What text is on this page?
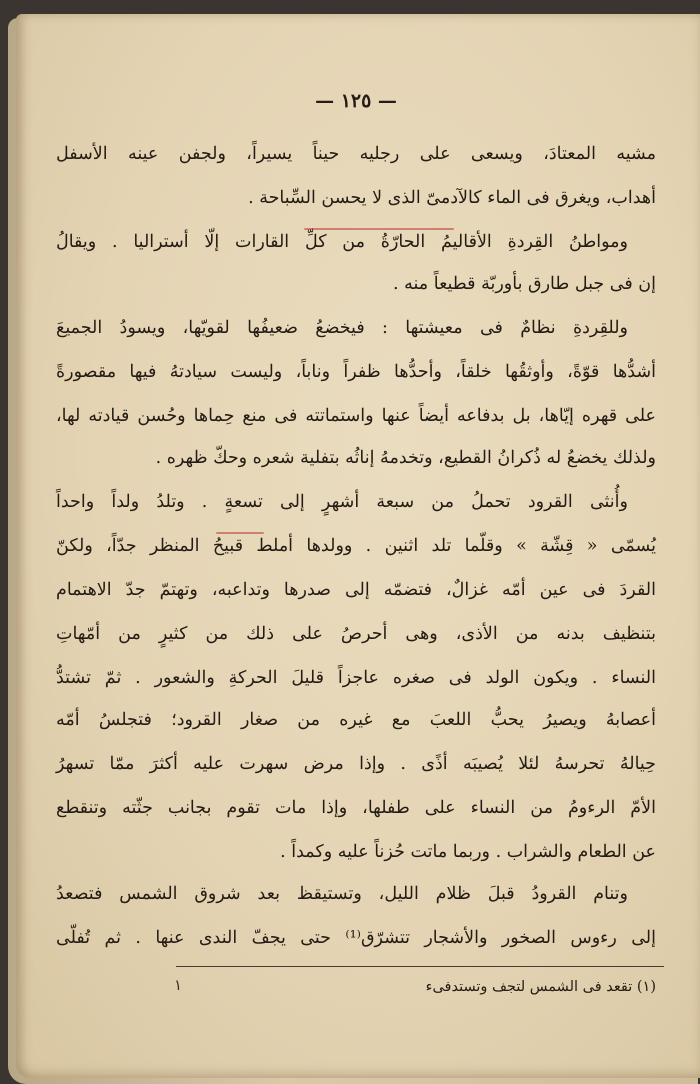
— ١٢٥ —
مشيه المعتادَ، ويسعى على رجليه حيناً يسيراً، ولجفن عينه الأسفل
أهداب، ويغرق فى الماء كالآدمىّ الذى لا يحسن السِّباحة .
ومواطنُ القِردةِ الأقاليمُ الحارّةُ من كلِّ القارات إلّا أستراليا . ويقالُ
إن فى جبل طارق بأوربّة قطيعاً منه .
وللقِردةِ نظامٌ فى معيشتها : فيخضعُ ضعيفُها لقويّها، ويسودُ الجميعَ
أشدُّها قوّةً، وأوثقُها خلقاً، وأحدُّها ظفراً وناباً، وليست سيادتهُ فيها مقصورةً
على قهره إيّاها، بل بدفاعه أيضاً عنها واستماتته فى منع حِماها وحُسن قيادته لها،
ولذلك يخضعُ له ذُكرانُ القطيع، وتخدمهُ إناثُه بتفلية شعره وحكّ ظهره .
وأُنثى القرود تحملُ من سبعة أشهرٍ إلى تسعةٍ . وتلدُ ولداً واحداً
يُسمّى « قِشّة » وقلّما تلد اثنين . وولدها أملط قبيحُ المنظر جدّاً، ولكنّ
القردَ فى عين أمّه غزالٌ، فتضمّه إلى صدرها وتداعبه، وتهتمّ جدّ الاهتمام
بتنظيف بدنه من الأذى، وهى أحرصُ على ذلك من كثيرٍ من أمّهاتِ
النساء . ويكون الولد فى صغره عاجزاً قليلَ الحركةِ والشعور . ثمّ تشتدُّ
أعصابهُ ويصيرُ يحبُّ اللعبَ مع غيره من صغار القرود؛ فتجلسُ أمّه
حِيالهُ تحرسهُ لئلا يُصيبَه أذًى . وإذا مرض سهرت عليه أكثرَ ممّا تسهرُ
الأمّ الرءومُ من النساء على طفلها، وإذا مات تقوم بجانب جثّته وتنقطع
عن الطعام والشراب . وربما ماتت حُزناً عليه وكمداً .
وتنام القرودُ قبلَ ظلام الليل، وتستيقظ بعد شروق الشمس فتصعدُ
إلى رءوس الصخور والأشجار تتشرّق⁽¹⁾ حتى يجفّ الندى عنها . ثم تُفلّى
(١) تقعد فى الشمس لتجف وتستدفىء
١
